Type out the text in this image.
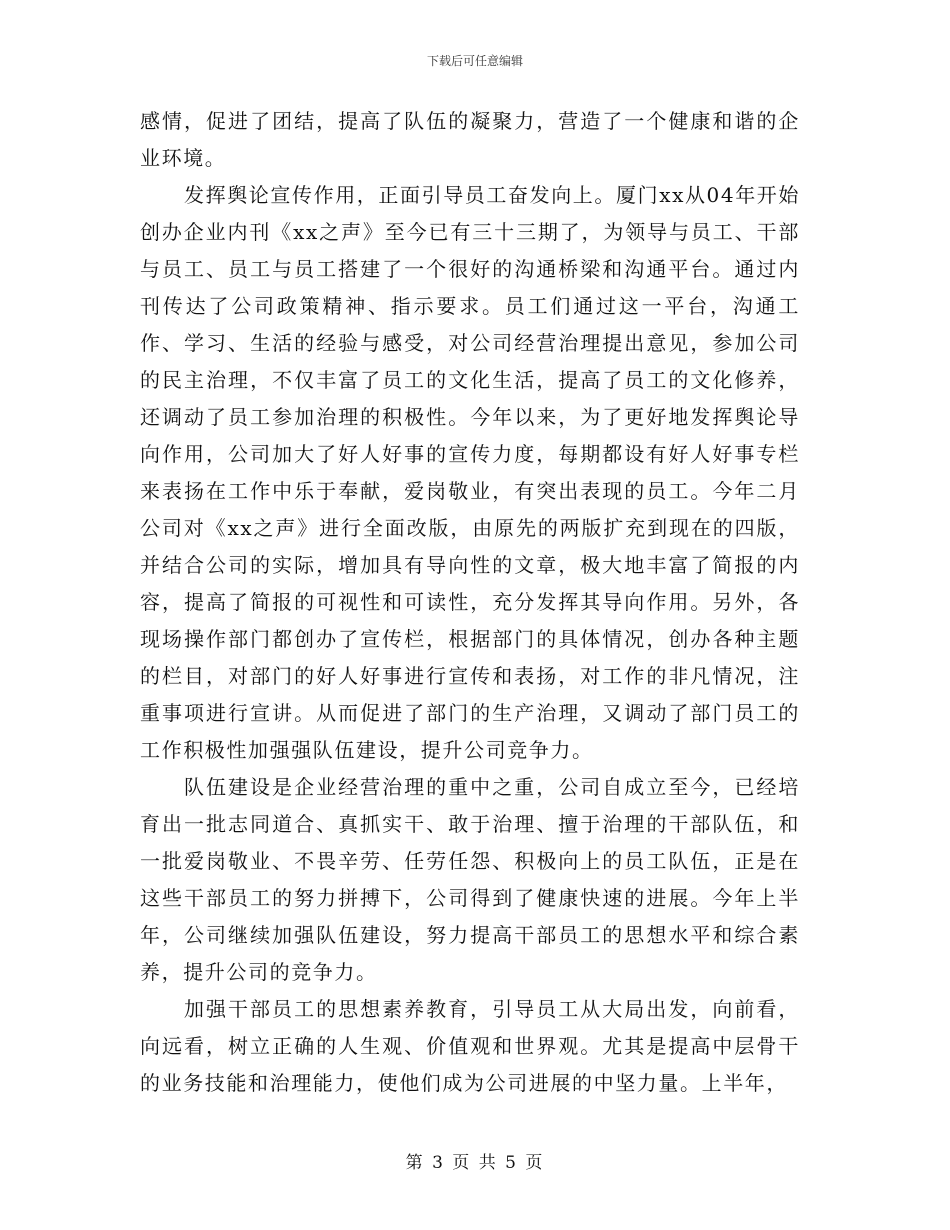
下载后可任意编辑

感情，促进了团结，提高了队伍的凝聚力，营造了一个健康和谐的企业环境。

发挥舆论宣传作用，正面引导员工奋发向上。厦门xx从04年开始创办企业内刊《xx之声》至今已有三十三期了，为领导与员工、干部与员工、员工与员工搭建了一个很好的沟通桥梁和沟通平台。通过内刊传达了公司政策精神、指示要求。员工们通过这一平台，沟通工作、学习、生活的经验与感受，对公司经营治理提出意见，参加公司的民主治理，不仅丰富了员工的文化生活，提高了员工的文化修养，还调动了员工参加治理的积极性。今年以来，为了更好地发挥舆论导向作用，公司加大了好人好事的宣传力度，每期都设有好人好事专栏来表扬在工作中乐于奉献，爱岗敬业，有突出表现的员工。今年二月公司对《xx之声》进行全面改版，由原先的两版扩充到现在的四版，并结合公司的实际，增加具有导向性的文章，极大地丰富了简报的内容，提高了简报的可视性和可读性，充分发挥其导向作用。另外，各现场操作部门都创办了宣传栏，根据部门的具体情况，创办各种主题的栏目，对部门的好人好事进行宣传和表扬，对工作的非凡情况，注重事项进行宣讲。从而促进了部门的生产治理，又调动了部门员工的工作积极性加强强队伍建设，提升公司竞争力。

队伍建设是企业经营治理的重中之重，公司自成立至今，已经培育出一批志同道合、真抓实干、敢于治理、擅于治理的干部队伍，和一批爱岗敬业、不畏辛劳、任劳任怨、积极向上的员工队伍，正是在这些干部员工的努力拼搏下，公司得到了健康快速的进展。今年上半年，公司继续加强队伍建设，努力提高干部员工的思想水平和综合素养，提升公司的竞争力。

加强干部员工的思想素养教育，引导员工从大局出发，向前看，向远看，树立正确的人生观、价值观和世界观。尤其是提高中层骨干的业务技能和治理能力，使他们成为公司进展的中坚力量。上半年，

第 3 页 共 5 页
